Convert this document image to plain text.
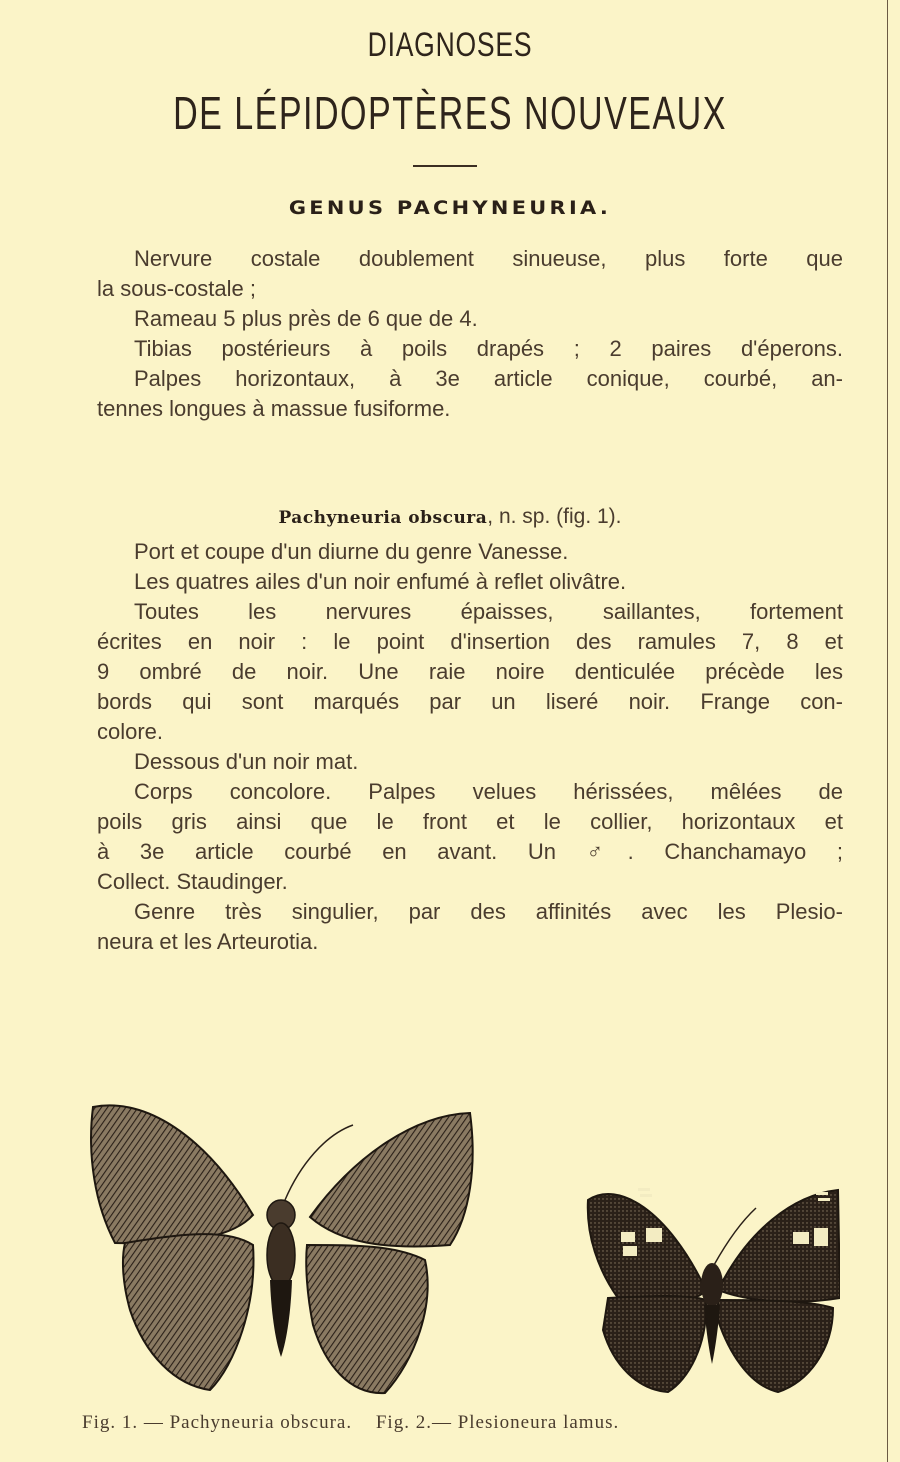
DIAGNOSES
DE LÉPIDOPTÈRES NOUVEAUX
GENUS PACHYNEURIA.
Nervure costale doublement sinueuse, plus forte que
la sous-costale ;
Rameau 5 plus près de 6 que de 4.
Tibias postérieurs à poils drapés ; 2 paires d'éperons.
Palpes horizontaux, à 3e article conique, courbé, an-
tennes longues à massue fusiforme.
Pachyneuria obscura, n. sp. (fig. 1).
Port et coupe d'un diurne du genre Vanesse.
Les quatres ailes d'un noir enfumé à reflet olivâtre.
Toutes les nervures épaisses, saillantes, fortement
écrites en noir : le point d'insertion des ramules 7, 8 et
9 ombré de noir. Une raie noire denticulée précède les
bords qui sont marqués par un liseré noir. Frange con-
colore.
Dessous d'un noir mat.
Corps concolore. Palpes velues hérissées, mêlées de
poils gris ainsi que le front et le collier, horizontaux et
à 3e article courbé en avant. Un ♂. Chanchamayo ;
Collect. Staudinger.
Genre très singulier, par des affinités avec les Plesio-
neura et les Arteurotia.
Fig. 1. — Pachyneuria obscura. Fig. 2.— Plesioneura lamus.
